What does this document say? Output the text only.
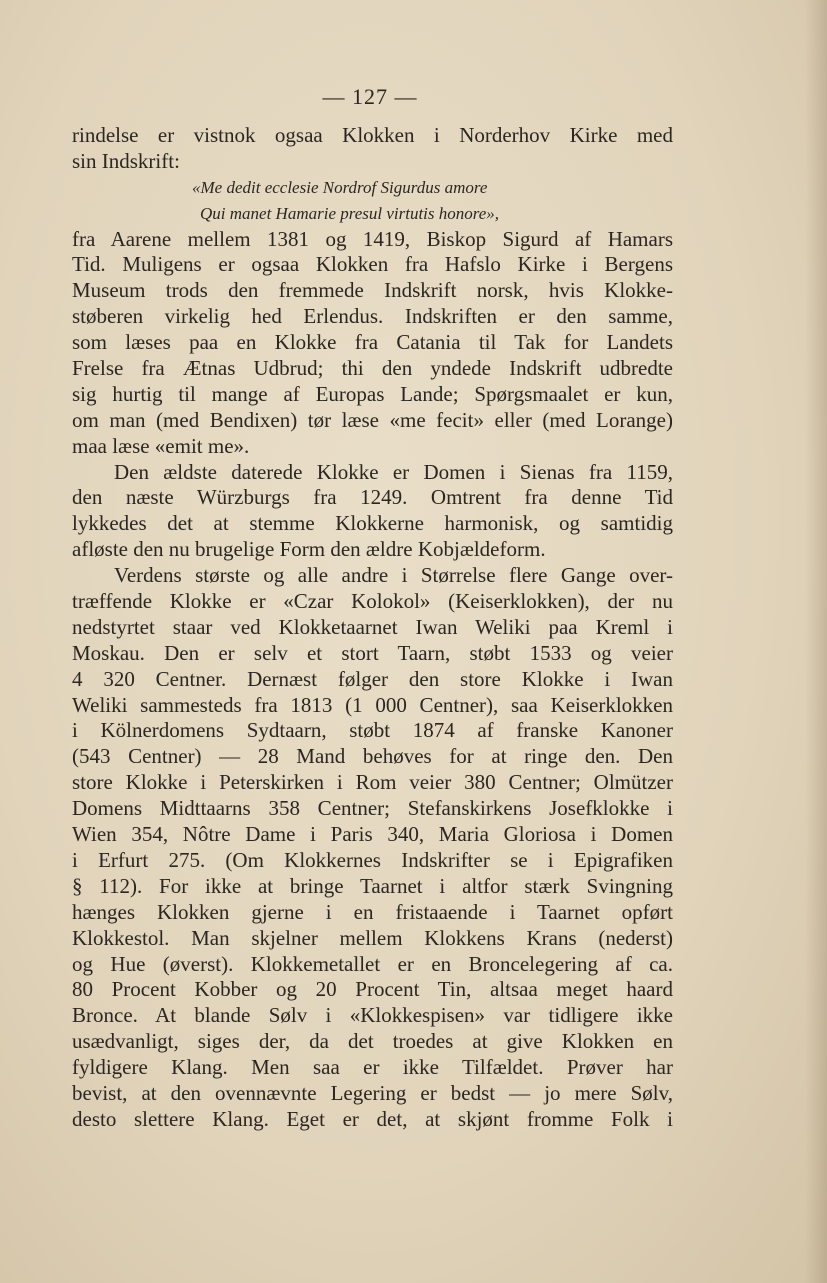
— 127 —
rindelse er vistnok ogsaa Klokken i Norderhov Kirke med
sin Indskrift:
«Me dedit ecclesie Nordrof Sigurdus amore
Qui manet Hamarie presul virtutis honore»,
fra Aarene mellem 1381 og 1419, Biskop Sigurd af Hamars
Tid. Muligens er ogsaa Klokken fra Hafslo Kirke i Bergens
Museum trods den fremmede Indskrift norsk, hvis Klokke-
støberen virkelig hed Erlendus. Indskriften er den samme,
som læses paa en Klokke fra Catania til Tak for Landets
Frelse fra Ætnas Udbrud; thi den yndede Indskrift udbredte
sig hurtig til mange af Europas Lande; Spørgsmaalet er kun,
om man (med Bendixen) tør læse «me fecit» eller (med Lorange)
maa læse «emit me».
Den ældste daterede Klokke er Domen i Sienas fra 1159,
den næste Würzburgs fra 1249. Omtrent fra denne Tid
lykkedes det at stemme Klokkerne harmonisk, og samtidig
afløste den nu brugelige Form den ældre Kobjældeform.
Verdens største og alle andre i Størrelse flere Gange over-
træffende Klokke er «Czar Kolokol» (Keiserklokken), der nu
nedstyrtet staar ved Klokketaarnet Iwan Weliki paa Kreml i
Moskau. Den er selv et stort Taarn, støbt 1533 og veier
4 320 Centner. Dernæst følger den store Klokke i Iwan
Weliki sammesteds fra 1813 (1 000 Centner), saa Keiserklokken
i Kölnerdomens Sydtaarn, støbt 1874 af franske Kanoner
(543 Centner) — 28 Mand behøves for at ringe den. Den
store Klokke i Peterskirken i Rom veier 380 Centner; Olmützer
Domens Midttaarns 358 Centner; Stefanskirkens Josefklokke i
Wien 354, Nôtre Dame i Paris 340, Maria Gloriosa i Domen
i Erfurt 275. (Om Klokkernes Indskrifter se i Epigrafiken
§ 112). For ikke at bringe Taarnet i altfor stærk Svingning
hænges Klokken gjerne i en fristaaende i Taarnet opført
Klokkestol. Man skjelner mellem Klokkens Krans (nederst)
og Hue (øverst). Klokkemetallet er en Broncelegering af ca.
80 Procent Kobber og 20 Procent Tin, altsaa meget haard
Bronce. At blande Sølv i «Klokkespisen» var tidligere ikke
usædvanligt, siges der, da det troedes at give Klokken en
fyldigere Klang. Men saa er ikke Tilfældet. Prøver har
bevist, at den ovennævnte Legering er bedst — jo mere Sølv,
desto slettere Klang. Eget er det, at skjønt fromme Folk i
